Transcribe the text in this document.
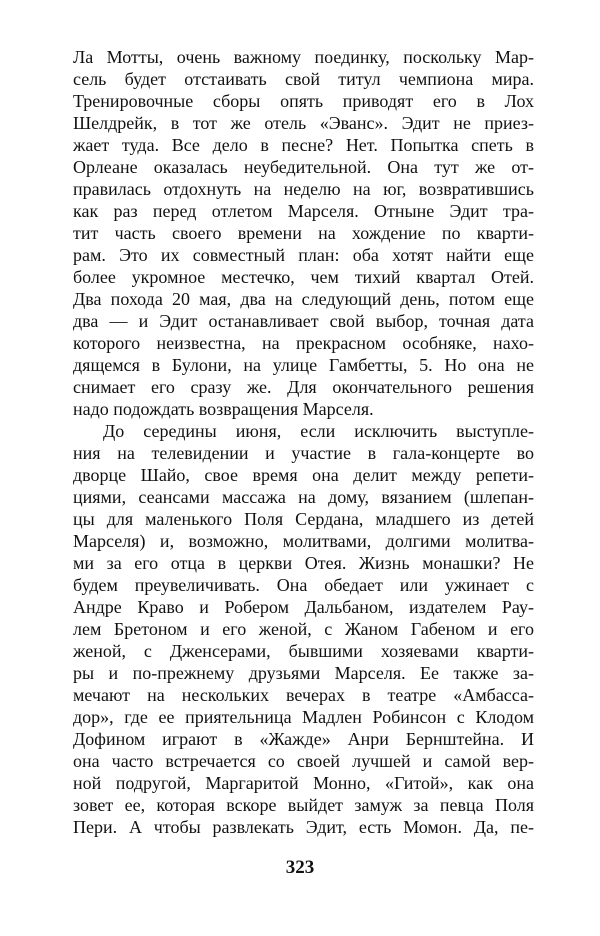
Ла Мотты, очень важному поединку, поскольку Мар-
сель будет отстаивать свой титул чемпиона мира.
Тренировочные сборы опять приводят его в Лох
Шелдрейк, в тот же отель «Эванс». Эдит не приез-
жает туда. Все дело в песне? Нет. Попытка спеть в
Орлеане оказалась неубедительной. Она тут же от-
правилась отдохнуть на неделю на юг, возвратившись
как раз перед отлетом Марселя. Отныне Эдит тра-
тит часть своего времени на хождение по кварти-
рам. Это их совместный план: оба хотят найти еще
более укромное местечко, чем тихий квартал Отей.
Два похода 20 мая, два на следующий день, потом еще
два — и Эдит останавливает свой выбор, точная дата
которого неизвестна, на прекрасном особняке, нахо-
дящемся в Булони, на улице Гамбетты, 5. Но она не
снимает его сразу же. Для окончательного решения
надо подождать возвращения Марселя.
До середины июня, если исключить выступле-
ния на телевидении и участие в гала-концерте во
дворце Шайо, свое время она делит между репети-
циями, сеансами массажа на дому, вязанием (шлепан-
цы для маленького Поля Сердана, младшего из детей
Марселя) и, возможно, молитвами, долгими молитва-
ми за его отца в церкви Отея. Жизнь монашки? Не
будем преувеличивать. Она обедает или ужинает с
Андре Краво и Робером Дальбаном, издателем Рау-
лем Бретоном и его женой, с Жаном Габеном и его
женой, с Дженсерами, бывшими хозяевами кварти-
ры и по-прежнему друзьями Марселя. Ее также за-
мечают на нескольких вечерах в театре «Амбасса-
дор», где ее приятельница Мадлен Робинсон с Клодом
Дофином играют в «Жажде» Анри Бернштейна. И
она часто встречается со своей лучшей и самой вер-
ной подругой, Маргаритой Монно, «Гитой», как она
зовет ее, которая вскоре выйдет замуж за певца Поля
Пери. А чтобы развлекать Эдит, есть Момон. Да, пе-
323
